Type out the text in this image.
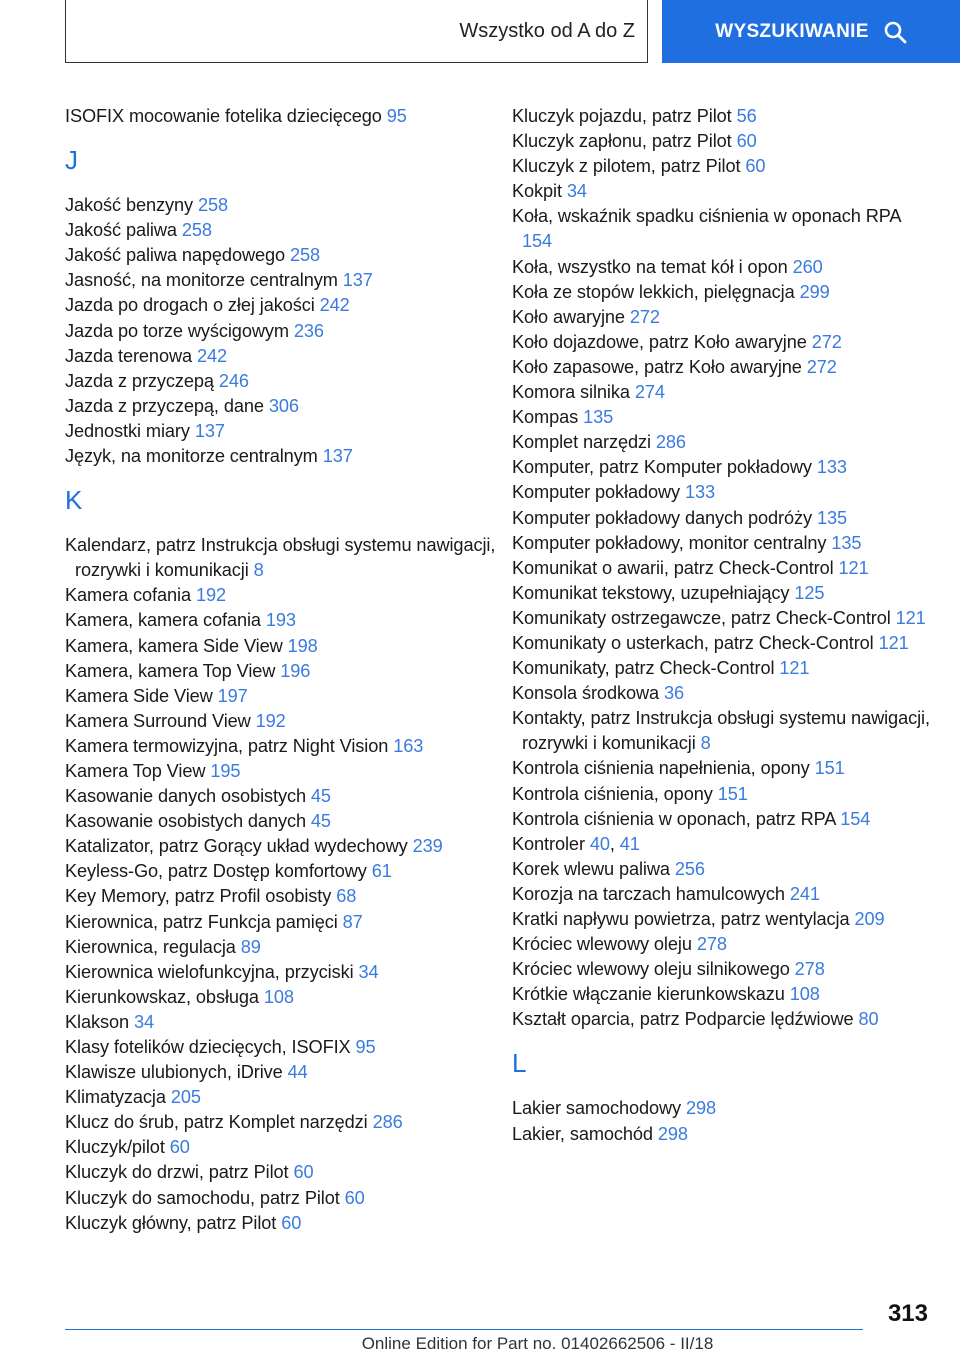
Wszystko od A do Z	WYSZUKIWANIE
ISOFIX mocowanie fotelika dziecięcego 95
J
Jakość benzyny 258
Jakość paliwa 258
Jakość paliwa napędowego 258
Jasność, na monitorze centralnym 137
Jazda po drogach o złej jakości 242
Jazda po torze wyścigowym 236
Jazda terenowa 242
Jazda z przyczepą 246
Jazda z przyczepą, dane 306
Jednostki miary 137
Język, na monitorze centralnym 137
K
Kalendarz, patrz Instrukcja obsługi systemu nawigacji, rozrywki i komunikacji 8
Kamera cofania 192
Kamera, kamera cofania 193
Kamera, kamera Side View 198
Kamera, kamera Top View 196
Kamera Side View 197
Kamera Surround View 192
Kamera termowizyjna, patrz Night Vision 163
Kamera Top View 195
Kasowanie danych osobistych 45
Kasowanie osobistych danych 45
Katalizator, patrz Gorący układ wydechowy 239
Keyless-Go, patrz Dostęp komfortowy 61
Key Memory, patrz Profil osobisty 68
Kierownica, patrz Funkcja pamięci 87
Kierownica, regulacja 89
Kierownica wielofunkcyjna, przyciski 34
Kierunkowskaz, obsługa 108
Klakson 34
Klasy fotelików dziecięcych, ISOFIX 95
Klawisze ulubionych, iDrive 44
Klimatyzacja 205
Klucz do śrub, patrz Komplet narzędzi 286
Kluczyk/pilot 60
Kluczyk do drzwi, patrz Pilot 60
Kluczyk do samochodu, patrz Pilot 60
Kluczyk główny, patrz Pilot 60
Kluczyk pojazdu, patrz Pilot 56
Kluczyk zapłonu, patrz Pilot 60
Kluczyk z pilotem, patrz Pilot 60
Kokpit 34
Koła, wskaźnik spadku ciśnienia w oponach RPA 154
Koła, wszystko na temat kół i opon 260
Koła ze stopów lekkich, pielęgnacja 299
Koło awaryjne 272
Koło dojazdowe, patrz Koło awaryjne 272
Koło zapasowe, patrz Koło awaryjne 272
Komora silnika 274
Kompas 135
Komplet narzędzi 286
Komputer, patrz Komputer pokładowy 133
Komputer pokładowy 133
Komputer pokładowy danych podróży 135
Komputer pokładowy, monitor centralny 135
Komunikat o awarii, patrz Check-Control 121
Komunikat tekstowy, uzupełniający 125
Komunikaty ostrzegawcze, patrz Check-Control 121
Komunikaty o usterkach, patrz Check-Control 121
Komunikaty, patrz Check-Control 121
Konsola środkowa 36
Kontakty, patrz Instrukcja obsługi systemu nawigacji, rozrywki i komunikacji 8
Kontrola ciśnienia napełnienia, opony 151
Kontrola ciśnienia, opony 151
Kontrola ciśnienia w oponach, patrz RPA 154
Kontroler 40, 41
Korek wlewu paliwa 256
Korozja na tarczach hamulcowych 241
Kratki napływu powietrza, patrz wentylacja 209
Króciec wlewowy oleju 278
Króciec wlewowy oleju silnikowego 278
Krótkie włączanie kierunkowskazu 108
Kształt oparcia, patrz Podparcie lędźwiowe 80
L
Lakier samochodowy 298
Lakier, samochód 298
313
Online Edition for Part no. 01402662506 - II/18
